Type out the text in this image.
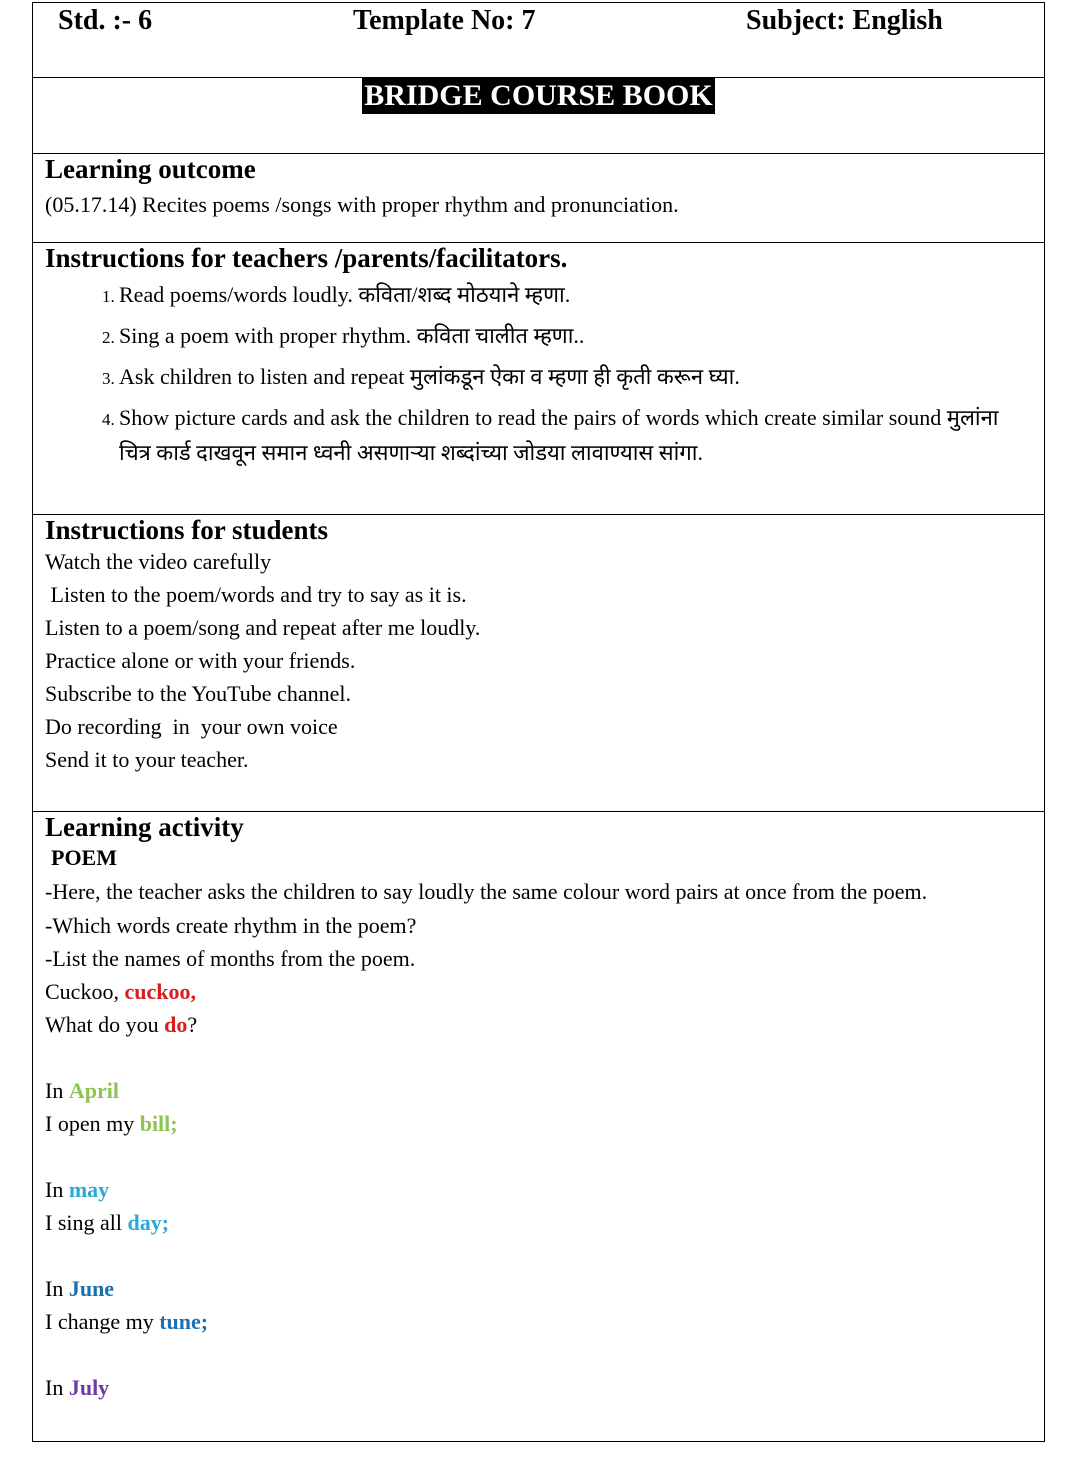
Std. :- 6	Template No: 7	Subject: English
BRIDGE COURSE BOOK
Learning outcome
(05.17.14) Recites poems /songs with proper rhythm and pronunciation.
Instructions for teachers /parents/facilitators.
1. Read poems/words loudly. कविता/शब्द मोठयाने म्हणा.
2. Sing a poem with proper rhythm. कविता चालीत म्हणा..
3. Ask children to listen and repeat मुलांकडून ऐका व म्हणा ही कृती करून घ्या.
4. Show picture cards and ask the children to read the pairs of words which create similar sound मुलांना चित्र कार्ड दाखवून समान ध्वनी असणाऱ्या शब्दांच्या जोडया लावाण्यास सांगा.
Instructions for students
Watch the video carefully
Listen to the poem/words and try to say as it is.
Listen to a poem/song and repeat after me loudly.
Practice alone or with your friends.
Subscribe to the YouTube channel.
Do recording  in  your own voice
Send it to your teacher.
Learning activity
POEM
-Here, the teacher asks the children to say loudly the same colour word pairs at once from the poem.
-Which words create rhythm in the poem?
-List the names of months from the poem.
Cuckoo, cuckoo,
What do you do?
In April
I open my bill;
In may
I sing all day;
In June
I change my tune;
In July
